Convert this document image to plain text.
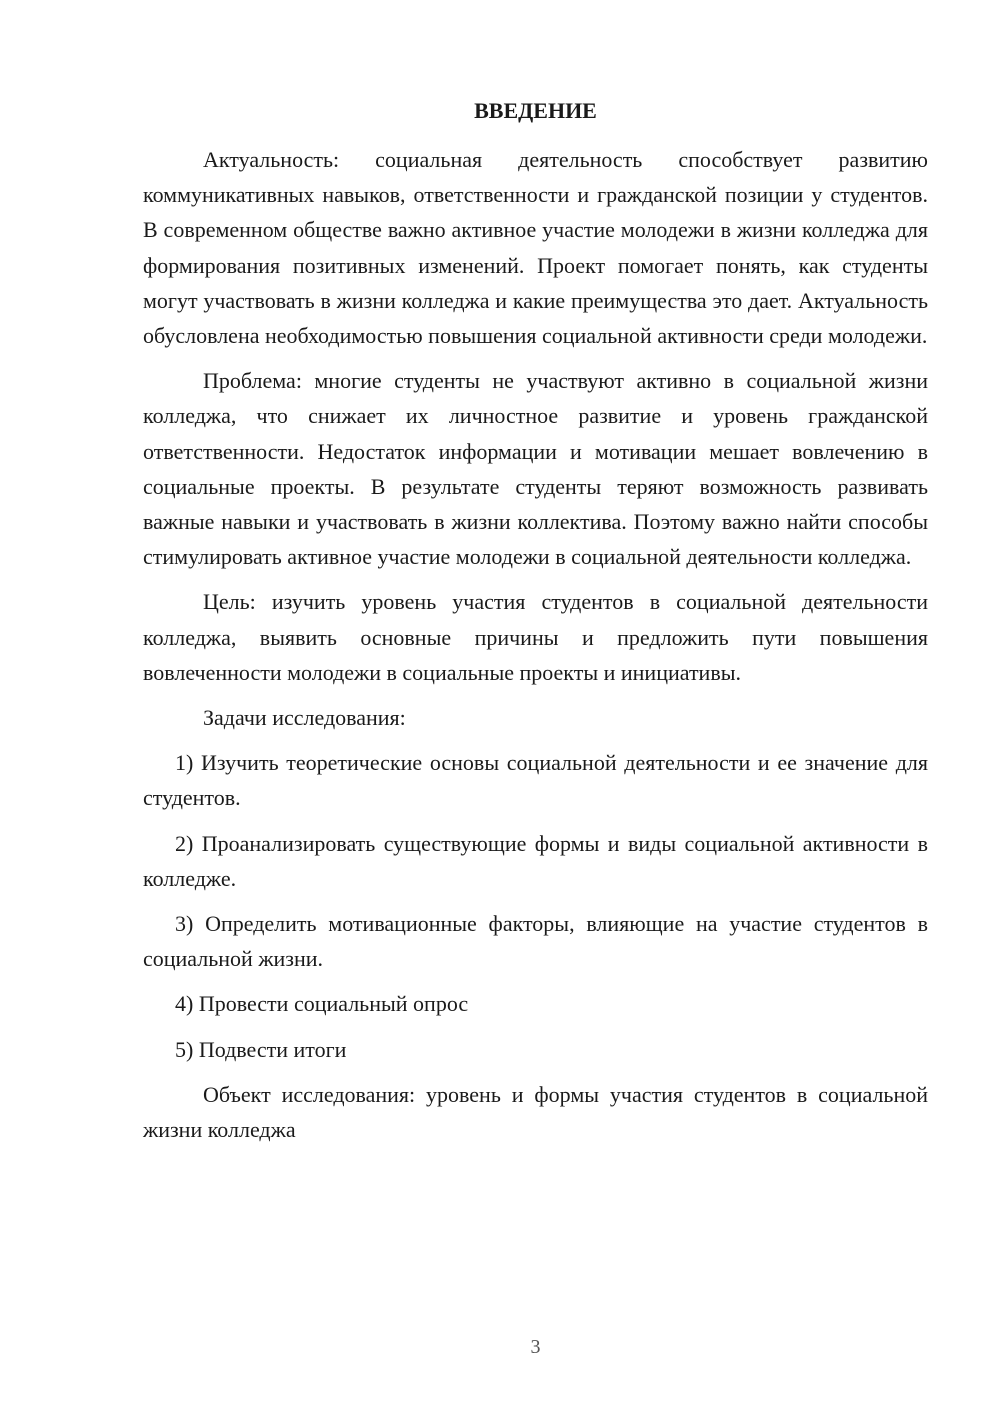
ВВЕДЕНИЕ

Актуальность: социальная деятельность способствует развитию коммуникативных навыков, ответственности и гражданской позиции у студентов. В современном обществе важно активное участие молодежи в жизни колледжа для формирования позитивных изменений. Проект помогает понять, как студенты могут участвовать в жизни колледжа и какие преимущества это дает. Актуальность обусловлена необходимостью повышения социальной активности среди молодежи.

Проблема: многие студенты не участвуют активно в социальной жизни колледжа, что снижает их личностное развитие и уровень гражданской ответственности. Недостаток информации и мотивации мешает вовлечению в социальные проекты. В результате студенты теряют возможность развивать важные навыки и участвовать в жизни коллектива. Поэтому важно найти способы стимулировать активное участие молодежи в социальной деятельности колледжа.

Цель: изучить уровень участия студентов в социальной деятельности колледжа, выявить основные причины и предложить пути повышения вовлеченности молодежи в социальные проекты и инициативы.

Задачи исследования:

1) Изучить теоретические основы социальной деятельности и ее значение для студентов.

2) Проанализировать существующие формы и виды социальной активности в колледже.

3) Определить мотивационные факторы, влияющие на участие студентов в социальной жизни.

4) Провести социальный опрос

5) Подвести итоги

Объект исследования: уровень и формы участия студентов в социальной жизни колледжа

3
